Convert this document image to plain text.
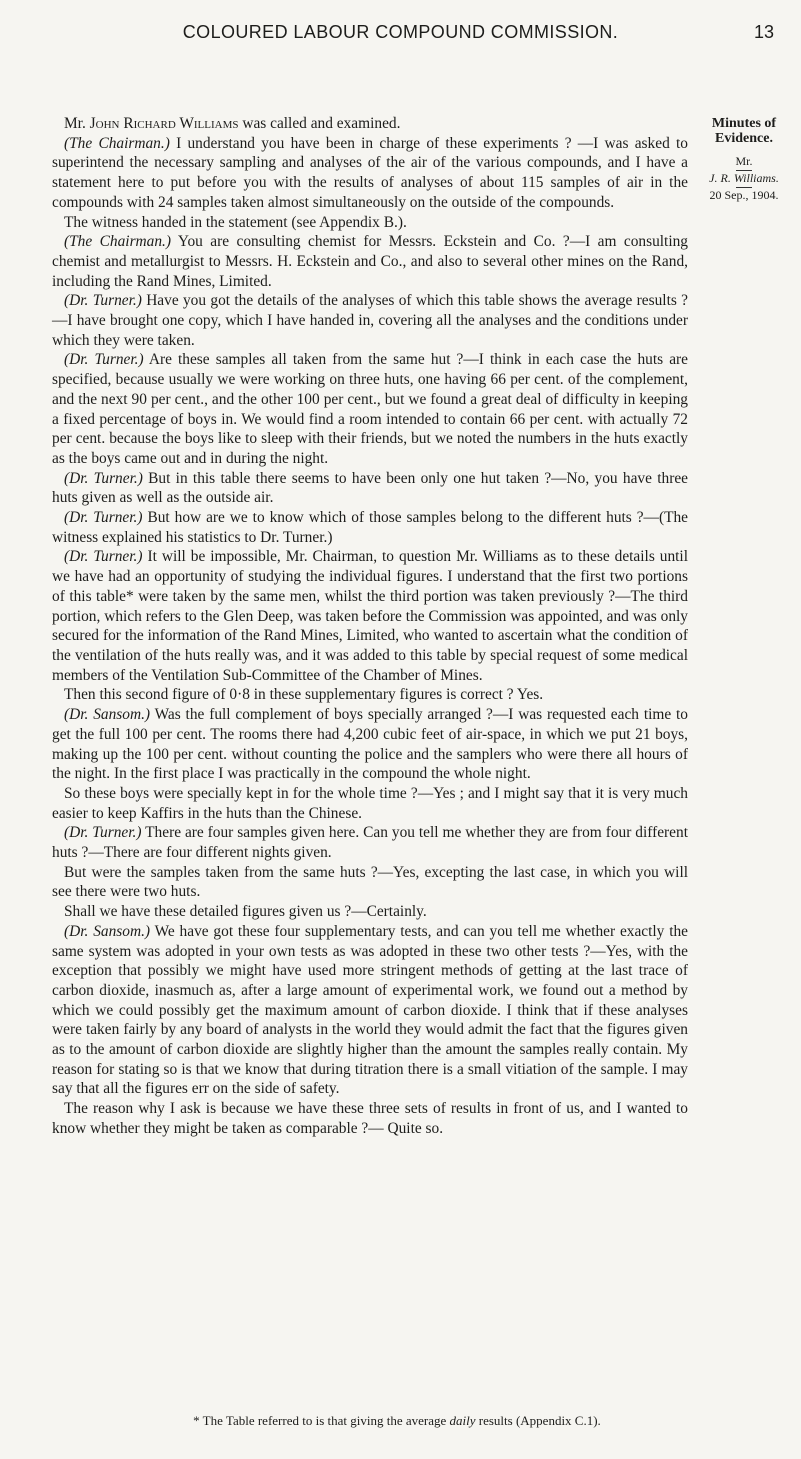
COLOURED LABOUR COMPOUND COMMISSION.	13
Minutes of Evidence.
Mr.
J. R. Williams.
20 Sep., 1904.

Mr. John Richard Williams was called and examined.

(The Chairman.) I understand you have been in charge of these experiments ? —I was asked to superintend the necessary sampling and analyses of the air of the various compounds, and I have a statement here to put before you with the results of analyses of about 115 samples of air in the compounds with 24 samples taken almost simultaneously on the outside of the compounds.

The witness handed in the statement (see Appendix B.).

(The Chairman.) You are consulting chemist for Messrs. Eckstein and Co. ?—I am consulting chemist and metallurgist to Messrs. H. Eckstein and Co., and also to several other mines on the Rand, including the Rand Mines, Limited.

(Dr. Turner.) Have you got the details of the analyses of which this table shows the average results ?—I have brought one copy, which I have handed in, covering all the analyses and the conditions under which they were taken.

(Dr. Turner.) Are these samples all taken from the same hut ?—I think in each case the huts are specified, because usually we were working on three huts, one having 66 per cent. of the complement, and the next 90 per cent., and the other 100 per cent., but we found a great deal of difficulty in keeping a fixed percentage of boys in. We would find a room intended to contain 66 per cent. with actually 72 per cent. because the boys like to sleep with their friends, but we noted the numbers in the huts exactly as the boys came out and in during the night.

(Dr. Turner.) But in this table there seems to have been only one hut taken ?—No, you have three huts given as well as the outside air.

(Dr. Turner.) But how are we to know which of those samples belong to the different huts ?—(The witness explained his statistics to Dr. Turner.)

(Dr. Turner.) It will be impossible, Mr. Chairman, to question Mr. Williams as to these details until we have had an opportunity of studying the individual figures. I understand that the first two portions of this table* were taken by the same men, whilst the third portion was taken previously ?—The third portion, which refers to the Glen Deep, was taken before the Commission was appointed, and was only secured for the information of the Rand Mines, Limited, who wanted to ascertain what the condition of the ventilation of the huts really was, and it was added to this table by special request of some medical members of the Ventilation Sub-Committee of the Chamber of Mines.

Then this second figure of 0·8 in these supplementary figures is correct ? Yes.

(Dr. Sansom.) Was the full complement of boys specially arranged ?—I was requested each time to get the full 100 per cent. The rooms there had 4,200 cubic feet of air-space, in which we put 21 boys, making up the 100 per cent. without counting the police and the samplers who were there all hours of the night. In the first place I was practically in the compound the whole night.

So these boys were specially kept in for the whole time ?—Yes ; and I might say that it is very much easier to keep Kaffirs in the huts than the Chinese.

(Dr. Turner.) There are four samples given here. Can you tell me whether they are from four different huts ?—There are four different nights given.

But were the samples taken from the same huts ?—Yes, excepting the last case, in which you will see there were two huts.

Shall we have these detailed figures given us ?—Certainly.

(Dr. Sansom.) We have got these four supplementary tests, and can you tell me whether exactly the same system was adopted in your own tests as was adopted in these two other tests ?—Yes, with the exception that possibly we might have used more stringent methods of getting at the last trace of carbon dioxide, inasmuch as, after a large amount of experimental work, we found out a method by which we could possibly get the maximum amount of carbon dioxide. I think that if these analyses were taken fairly by any board of analysts in the world they would admit the fact that the figures given as to the amount of carbon dioxide are slightly higher than the amount the samples really contain. My reason for stating so is that we know that during titration there is a small vitiation of the sample. I may say that all the figures err on the side of safety.

The reason why I ask is because we have these three sets of results in front of us, and I wanted to know whether they might be taken as comparable ?— Quite so.

* The Table referred to is that giving the average daily results (Appendix C.1).
